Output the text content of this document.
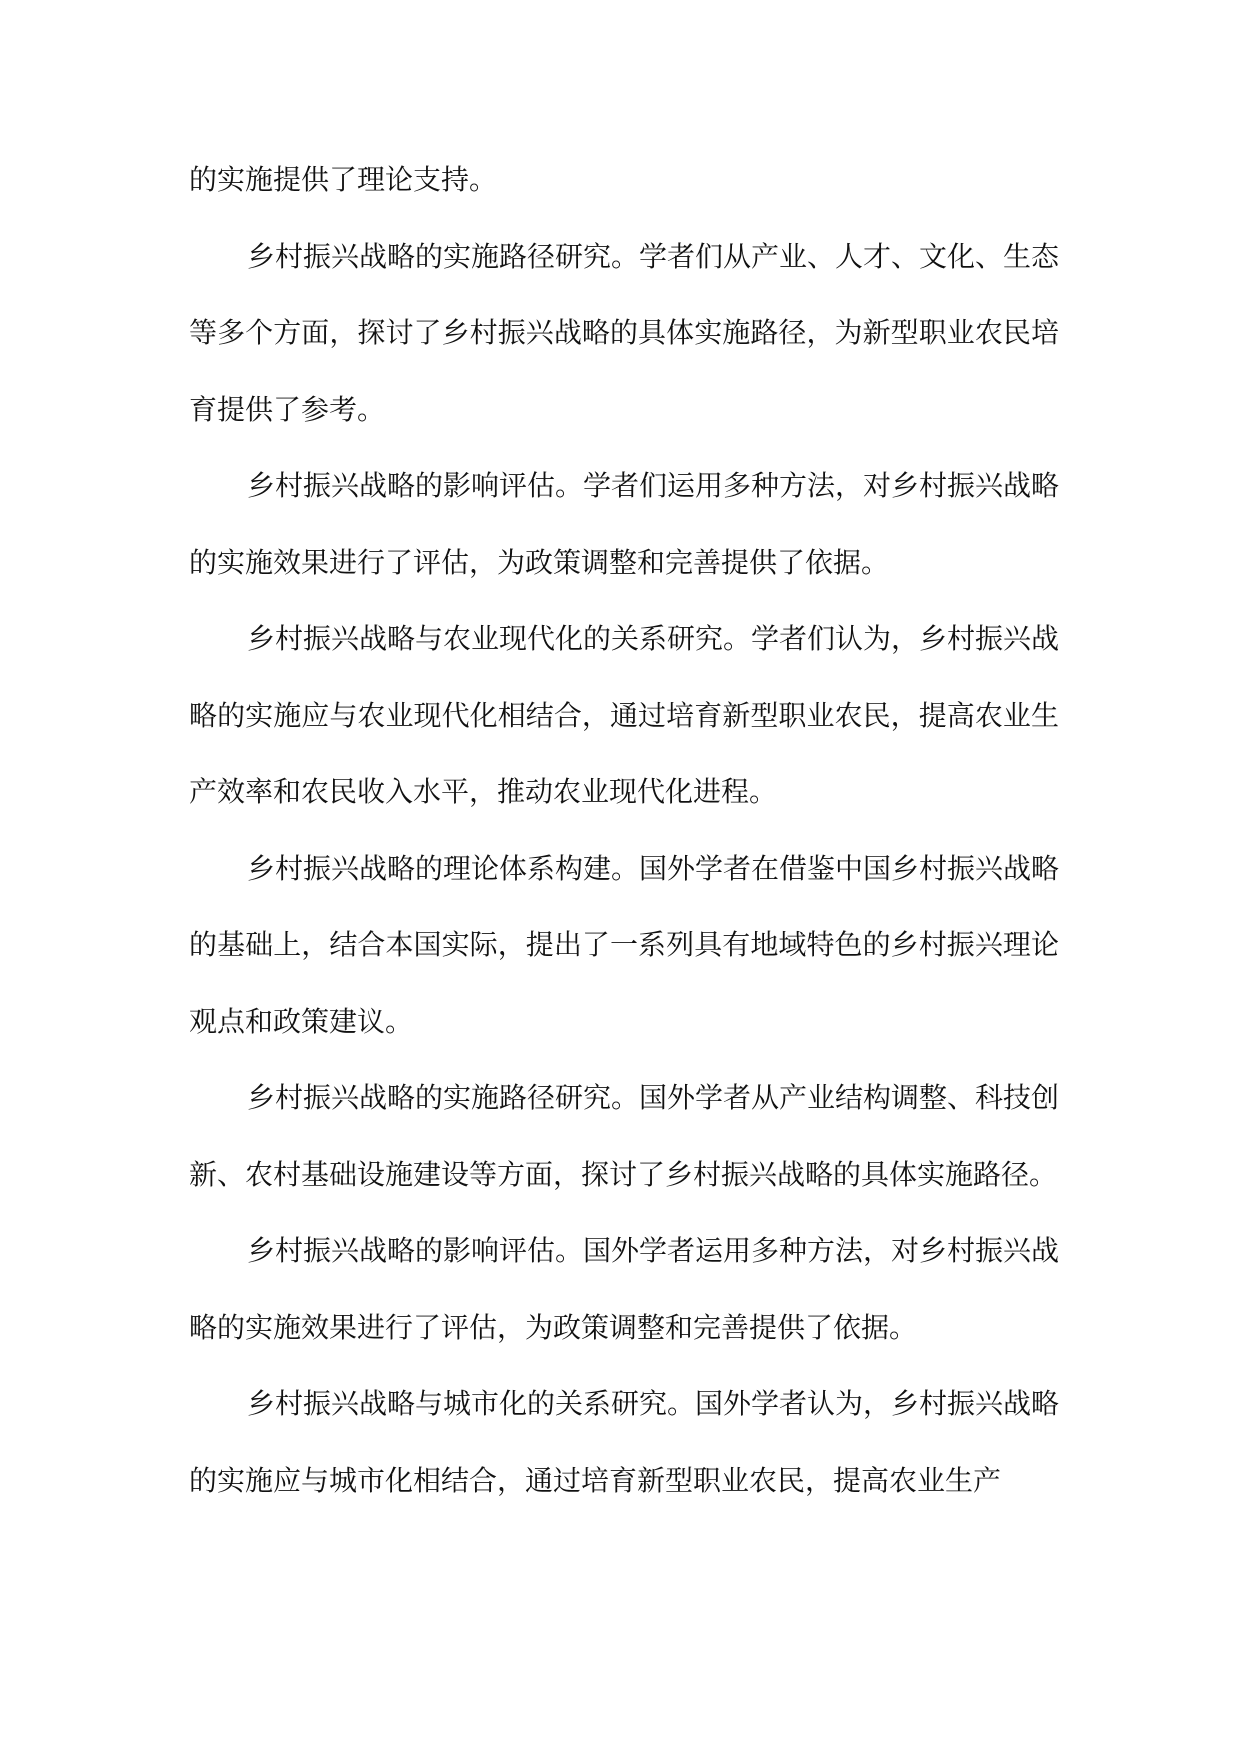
的实施提供了理论支持。

乡村振兴战略的实施路径研究。学者们从产业、人才、文化、生态等多个方面，探讨了乡村振兴战略的具体实施路径，为新型职业农民培育提供了参考。

乡村振兴战略的影响评估。学者们运用多种方法，对乡村振兴战略的实施效果进行了评估，为政策调整和完善提供了依据。

乡村振兴战略与农业现代化的关系研究。学者们认为，乡村振兴战略的实施应与农业现代化相结合，通过培育新型职业农民，提高农业生产效率和农民收入水平，推动农业现代化进程。

乡村振兴战略的理论体系构建。国外学者在借鉴中国乡村振兴战略的基础上，结合本国实际，提出了一系列具有地域特色的乡村振兴理论观点和政策建议。

乡村振兴战略的实施路径研究。国外学者从产业结构调整、科技创新、农村基础设施建设等方面，探讨了乡村振兴战略的具体实施路径。

乡村振兴战略的影响评估。国外学者运用多种方法，对乡村振兴战略的实施效果进行了评估，为政策调整和完善提供了依据。

乡村振兴战略与城市化的关系研究。国外学者认为，乡村振兴战略的实施应与城市化相结合，通过培育新型职业农民，提高农业生产
